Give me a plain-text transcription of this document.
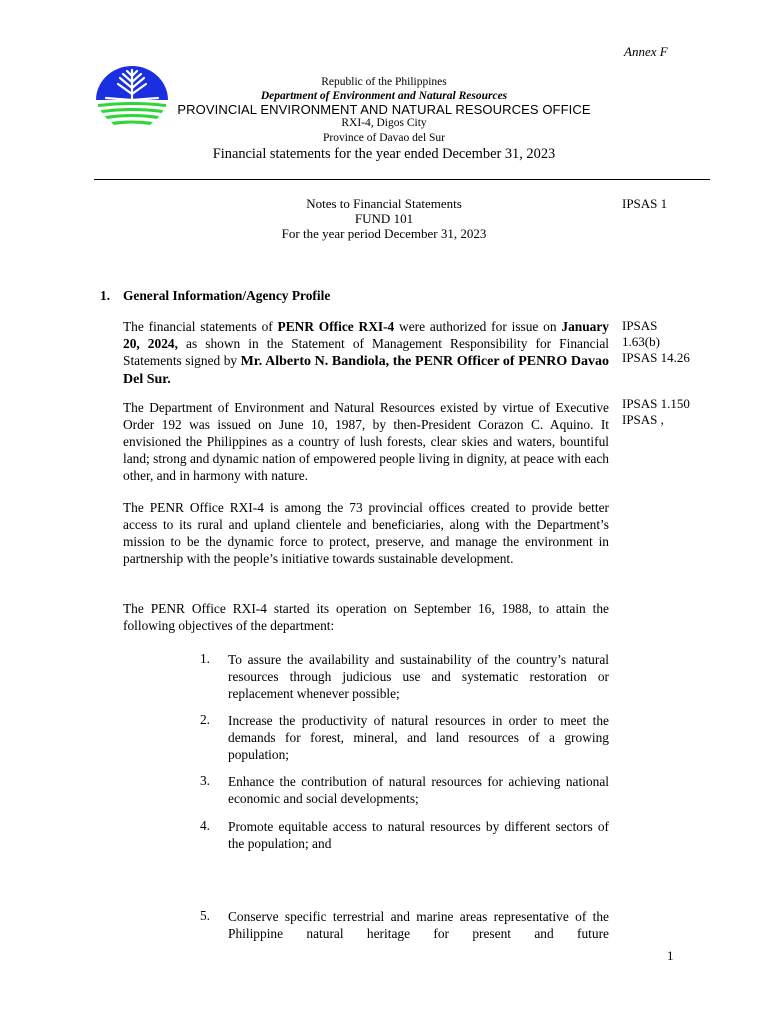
Annex F
Republic of the Philippines
Department of Environment and Natural Resources
PROVINCIAL ENVIRONMENT AND NATURAL RESOURCES OFFICE
RXI-4, Digos City
Province of Davao del Sur
Financial statements for the year ended December 31, 2023
Notes to Financial Statements
FUND 101
For the year period December 31, 2023
IPSAS 1
1. General Information/Agency Profile
The financial statements of PENR Office RXI-4 were authorized for issue on January 20, 2024, as shown in the Statement of Management Responsibility for Financial Statements signed by Mr. Alberto N. Bandiola, the PENR Officer of PENRO Davao Del Sur.
IPSAS
1.63(b)
IPSAS 14.26
The Department of Environment and Natural Resources existed by virtue of Executive Order 192 was issued on June 10, 1987, by then-President Corazon C. Aquino. It envisioned the Philippines as a country of lush forests, clear skies and waters, bountiful land; strong and dynamic nation of empowered people living in dignity, at peace with each other, and in harmony with nature.
IPSAS 1.150
IPSAS ,
The PENR Office RXI-4 is among the 73 provincial offices created to provide better access to its rural and upland clientele and beneficiaries, along with the Department’s mission to be the dynamic force to protect, preserve, and manage the environment in partnership with the people’s initiative towards sustainable development.
The PENR Office RXI-4 started its operation on September 16, 1988, to attain the following objectives of the department:
1. To assure the availability and sustainability of the country’s natural resources through judicious use and systematic restoration or replacement whenever possible;
2. Increase the productivity of natural resources in order to meet the demands for forest, mineral, and land resources of a growing population;
3. Enhance the contribution of natural resources for achieving national economic and social developments;
4. Promote equitable access to natural resources by different sectors of the population; and
5. Conserve specific terrestrial and marine areas representative of the Philippine natural heritage for present and future
1
